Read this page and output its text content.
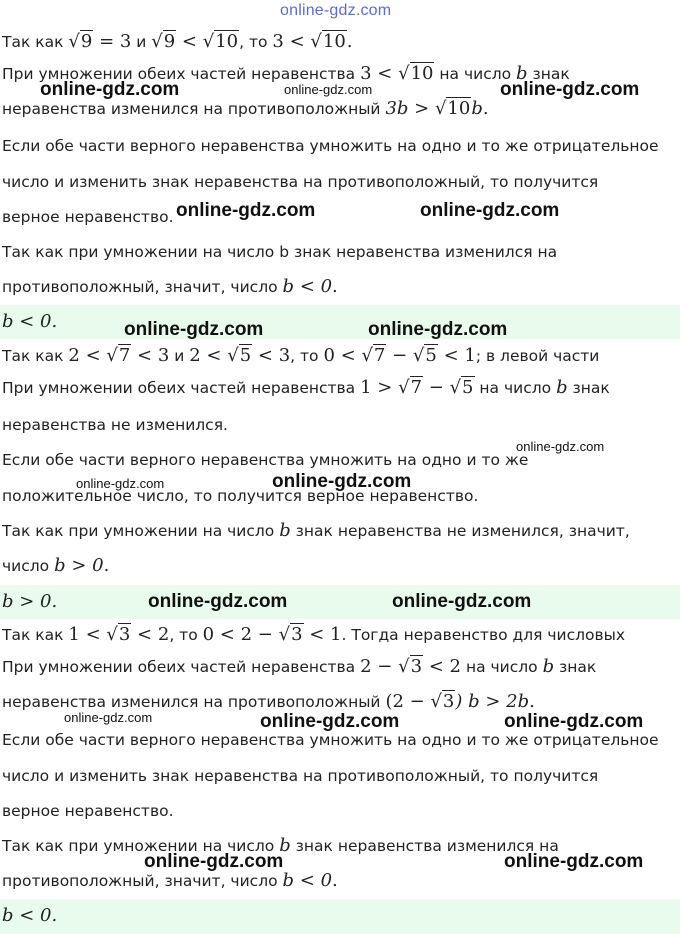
online-gdz.com
Так как √9 = 3 и √9 < √10, то 3 < √10.
При умножении обеих частей неравенства 3 < √10 на число b знак
неравенства изменился на противоположный 3b > √10b.
Если обе части верного неравенства умножить на одно и то же отрицательное
число и изменить знак неравенства на противоположный, то получится
верное неравенство.
Так как при умножении на число b знак неравенства изменился на
противоположный, значит, число b < 0.
b < 0.
Так как 2 < √7 < 3 и 2 < √5 < 3, то 0 < √7 − √5 < 1; в левой части
При умножении обеих частей неравенства 1 > √7 − √5 на число b знак
неравенства не изменился.
Если обе части верного неравенства умножить на одно и то же
положительное число, то получится верное неравенство.
Так как при умножении на число b знак неравенства не изменился, значит,
число b > 0.
b > 0.
Так как 1 < √3 < 2, то 0 < 2 − √3 < 1. Тогда неравенство для числовых
При умножении обеих частей неравенства 2 − √3 < 2 на число b знак
неравенства изменился на противоположный (2 − √3) b > 2b.
Если обе части верного неравенства умножить на одно и то же отрицательное
число и изменить знак неравенства на противоположный, то получится
верное неравенство.
Так как при умножении на число b знак неравенства изменился на
противоположный, значит, число b < 0.
b < 0.
online-gdz.com	online-gdz.com	online-gdz.com
online-gdz.com	online-gdz.com
online-gdz.com	online-gdz.com
online-gdz.com
online-gdz.com	online-gdz.com
online-gdz.com	online-gdz.com
online-gdz.com	online-gdz.com	online-gdz.com
online-gdz.com	online-gdz.com
